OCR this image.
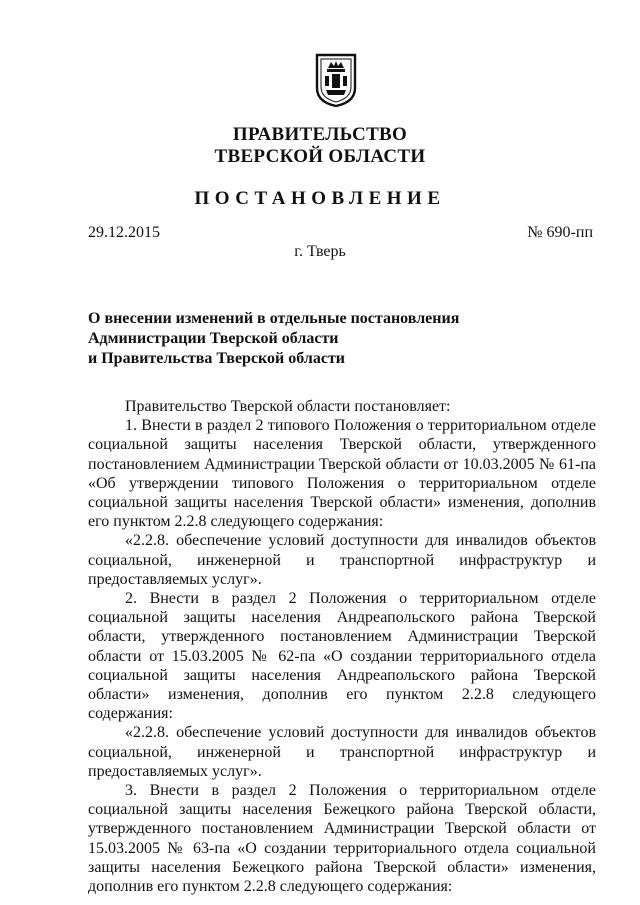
ПРАВИТЕЛЬСТВО
ТВЕРСКОЙ ОБЛАСТИ
ПОСТАНОВЛЕНИЕ
29.12.2015	№ 690-пп
г. Тверь
О внесении изменений в отдельные постановления
Администрации Тверской области
и Правительства Тверской области

Правительство Тверской области постановляет:

1. Внести в раздел 2 типового Положения о территориальном отделе социальной защиты населения Тверской области, утвержденного постановлением Администрации Тверской области от 10.03.2005 № 61-па «Об утверждении типового Положения о территориальном отделе социальной защиты населения Тверской области» изменения, дополнив его пунктом 2.2.8 следующего содержания:

«2.2.8. обеспечение условий доступности для инвалидов объектов социальной, инженерной и транспортной инфраструктур и предоставляемых услуг».

2. Внести в раздел 2 Положения о территориальном отделе социальной защиты населения Андреапольского района Тверской области, утвержденного постановлением Администрации Тверской области от 15.03.2005 № 62-па «О создании территориального отдела социальной защиты населения Андреапольского района Тверской области» изменения, дополнив его пунктом 2.2.8 следующего содержания:

«2.2.8. обеспечение условий доступности для инвалидов объектов социальной, инженерной и транспортной инфраструктур и предоставляемых услуг».

3. Внести в раздел 2 Положения о территориальном отделе социальной защиты населения Бежецкого района Тверской области, утвержденного постановлением Администрации Тверской области от 15.03.2005 № 63-па «О создании территориального отдела социальной защиты населения Бежецкого района Тверской области» изменения, дополнив его пунктом 2.2.8 следующего содержания:
